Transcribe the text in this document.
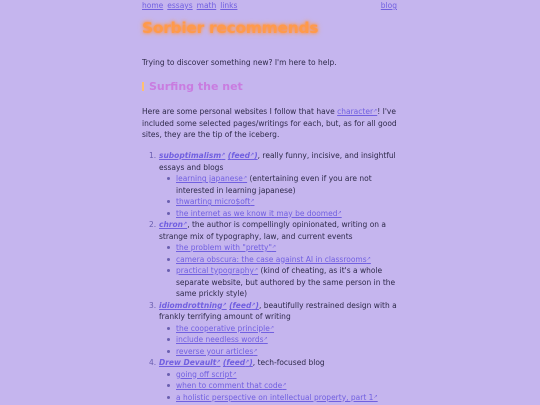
home essays math links	blog
Sorbier recommends

Trying to discover something new? I'm here to help.

Surfing the net

Here are some personal websites I follow that have character↗! I've included some selected pages/writings for each, but, as for all good sites, they are the tip of the iceberg.

1. suboptimalism↗ (feed↗), really funny, incisive, and insightful essays and blogs
learning japanese↗ (entertaining even if you are not interested in learning japanese)
thwarting micro$oft↗
the internet as we know it may be doomed↗
2. chron↗, the author is compellingly opinionated, writing on a strange mix of typography, law, and current events
the problem with "pretty"↗
camera obscura: the case against AI in classrooms↗
practical typography↗ (kind of cheating, as it's a whole separate website, but authored by the same person in the same prickly style)
3. idiomdrottning↗ (feed↗), beautifully restrained design with a frankly terrifying amount of writing
the cooperative principle↗
include needless words↗
reverse your articles↗
4. Drew Devault↗ (feed↗), tech-focused blog
going off script↗
when to comment that code↗
a holistic perspective on intellectual property, part 1↗
